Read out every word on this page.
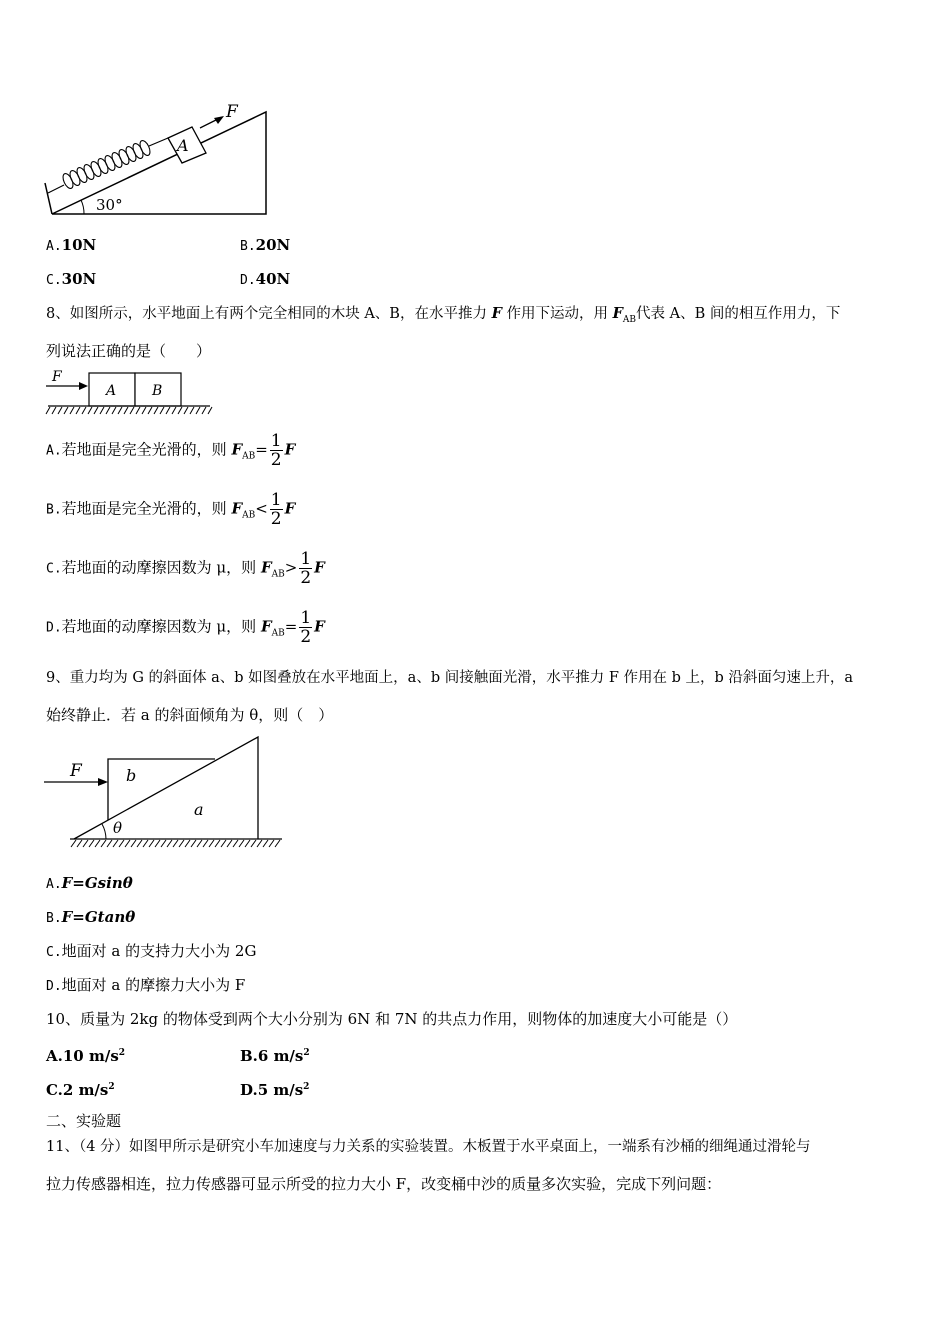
F
A
30°
A.10N	B.20N
C.30N	D.40N
8、如图所示，水平地面上有两个完全相同的木块 A、B，在水平推力 F 作用下运动，用 $F_{AB}$代表 A、B 间的相互作用力，下
列说法正确的是（　　）
F
A	B
A.若地面是完全光滑的，则 $F_{AB}= \frac{1}{2}$ F
B.若地面是完全光滑的，则 $F_{AB}< \frac{1}{2}$ F
C.若地面的动摩擦因数为 μ，则 $F_{AB}> \frac{1}{2}$ F
D.若地面的动摩擦因数为 μ，则 $F_{AB}= \frac{1}{2}$ F
9、重力均为 G 的斜面体 a、b 如图叠放在水平地面上，a、b 间接触面光滑，水平推力 F 作用在 b 上，b 沿斜面匀速上升，a
始终静止．若 a 的斜面倾角为 θ，则（　）
F	b
a
θ
A.F=Gsinθ
B.F=Gtanθ
C.地面对 a 的支持力大小为 2G
D.地面对 a 的摩擦力大小为 F
10、质量为 2kg 的物体受到两个大小分别为 6N 和 7N 的共点力作用，则物体的加速度大小可能是（）
A.10 $m/s^2$	B.6 $m/s^2$
C.2 $m/s^2$	D.5 $m/s^2$
二、实验题
11、（4 分）如图甲所示是研究小车加速度与力关系的实验装置。木板置于水平桌面上，一端系有沙桶的细绳通过滑轮与
拉力传感器相连，拉力传感器可显示所受的拉力大小 F，改变桶中沙的质量多次实验，完成下列问题：
